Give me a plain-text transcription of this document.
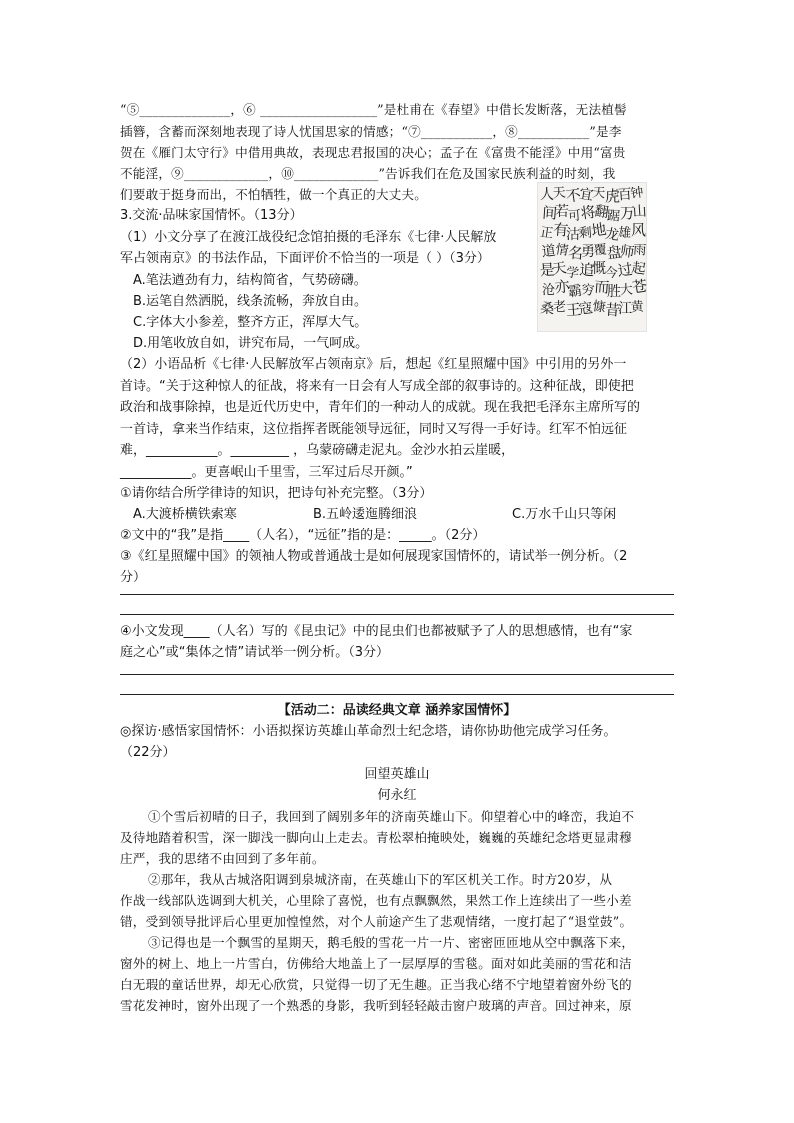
“⑤______________，⑥ __________________”是杜甫在《春望》中借长发断落，无法植髻
插簪，含蓄而深刻地表现了诗人忧国思家的情感；“⑦___________，⑧___________”是李
贺在《雁门太守行》中借用典故，表现忠君报国的决心；孟子在《富贵不能淫》中用“富贵
不能淫，⑨_____________，⑩_____________”告诉我们在危及国家民族利益的时刻，我
们要敢于挺身而出，不怕牺牲，做一个真正的大丈夫。
3.交流·品味家国情怀。（13分）
（1）小文分享了在渡江战役纪念馆拍摄的毛泽东《七律·人民解放
军占领南京》的书法作品，下面评价不恰当的一项是（ ）（3分）
A.笔法遒劲有力，结构简省，气势磅礴。
B.运笔自然洒脱，线条流畅，奔放自由。
C.字体大小参差，整齐方正，浑厚大气。
D.用笔收放自如，讲究布局，一气呵成。
钟
山
风
雨
起
苍
黄
百
万
雄
师
过
大
江
虎
踞
龙
盘
今
胜
昔
天
翻
地
覆
慨
而
慷
宜
将
剩
勇
追
穷
寇
不
可
沽
名
学
霸
王
天
若
有
情
天
亦
老
人
间
正
道
是
沧
桑
（2）小语品析《七律·人民解放军占领南京》后，想起《红星照耀中国》中引用的另外一
首诗。“关于这种惊人的征战，将来有一日会有人写成全部的叙事诗的。这种征战，即使把
政治和战事除掉，也是近代历史中，青年们的一种动人的成就。现在我把毛泽东主席所写的
一首诗，拿来当作结束，这位指挥者既能领导远征，同时又写得一手好诗。红军不怕远征
难，___________。_________ ，乌蒙磅礴走泥丸。金沙水拍云崖暖，
___________。更喜岷山千里雪，三军过后尽开颜。”
①请你结合所学律诗的知识，把诗句补充完整。（3分）
A.大渡桥横铁索寒	B.五岭逶迤腾细浪	C.万水千山只等闲
②文中的“我”是指____（人名），“远征”指的是：_____。（2分）
③《红星照耀中国》的领袖人物或普通战士是如何展现家国情怀的，请试举一例分析。（2
分）
④小文发现____（人名）写的《昆虫记》中的昆虫们也都被赋予了人的思想感情，也有“家
庭之心”或“集体之情”请试举一例分析。（3分）
【活动二：品读经典文章 涵养家国情怀】
◎探访·感悟家国情怀：小语拟探访英雄山革命烈士纪念塔，请你协助他完成学习任务。
（22分）
回望英雄山
何永红
①个雪后初晴的日子，我回到了阔别多年的济南英雄山下。仰望着心中的峰峦，我迫不
及待地踏着积雪，深一脚浅一脚向山上走去。青松翠柏掩映处，巍巍的英雄纪念塔更显肃穆
庄严，我的思绪不由回到了多年前。
②那年，我从古城洛阳调到泉城济南，在英雄山下的军区机关工作。时方20岁，从
作战一线部队选调到大机关，心里除了喜悦，也有点飘飘然，果然工作上连续出了一些小差
错，受到领导批评后心里更加惶惶然，对个人前途产生了悲观情绪，一度打起了“退堂鼓”。
③记得也是一个飘雪的星期天，鹅毛般的雪花一片一片、密密匝匝地从空中飘落下来，
窗外的树上、地上一片雪白，仿佛给大地盖上了一层厚厚的雪毯。面对如此美丽的雪花和洁
白无瑕的童话世界，却无心欣赏，只觉得一切了无生趣。正当我心绪不宁地望着窗外纷飞的
雪花发神时，窗外出现了一个熟悉的身影，我听到轻轻敲击窗户玻璃的声音。回过神来，原
